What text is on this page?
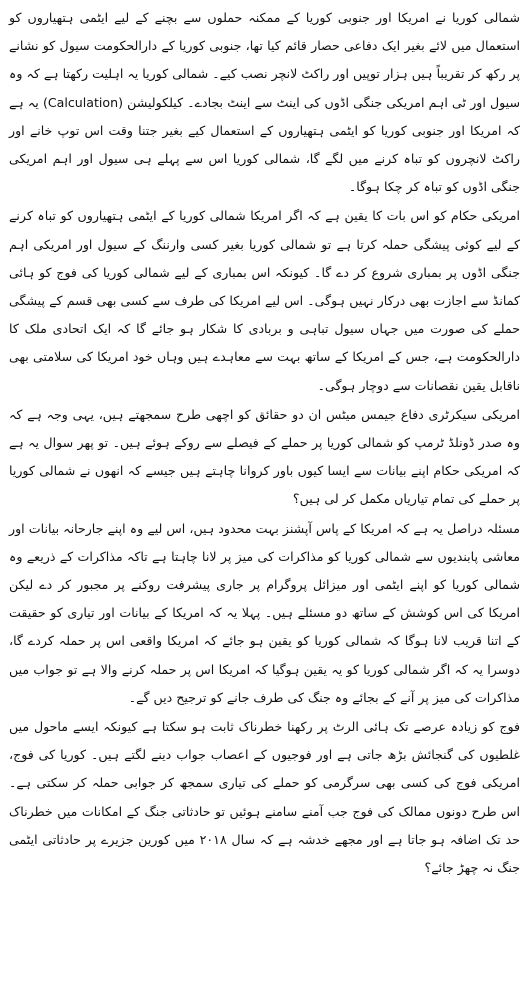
شمالی کوریا نے امریکا اور جنوبی کوریا کے ممکنہ حملوں سے بچنے کے لیے ایٹمی ہتھیاروں کو استعمال میں لائے بغیر ایک دفاعی حصار قائم کیا تھا، جنوبی کوریا کے دارالحکومت سیول کو نشانے پر رکھ کر تقریباً ہیں ہزار توپیں اور راکٹ لانچر نصب کیے۔ شمالی کوریا یہ اہلیت رکھتا ہے کہ وہ سیول اور ٹی اہم امریکی جنگی اڈوں کی اینٹ سے اینٹ بجادے۔ کیلکولیشن (Calculation) یہ ہے کہ امریکا اور جنوبی کوریا کو ایٹمی ہتھیاروں کے استعمال کیے بغیر جتنا وقت اس توپ خانے اور راکٹ لانچروں کو تباہ کرنے میں لگے گا، شمالی کوریا اس سے پہلے ہی سیول اور اہم امریکی جنگی اڈوں کو تباہ کر چکا ہوگا۔

امریکی حکام کو اس بات کا یقین ہے کہ اگر امریکا شمالی کوریا کے ایٹمی ہتھیاروں کو تباہ کرنے کے لیے کوئی پیشگی حملہ کرتا ہے تو شمالی کوریا بغیر کسی وارننگ کے سیول اور امریکی اہم جنگی اڈوں پر بمباری شروع کر دے گا۔ کیونکہ اس بمباری کے لیے شمالی کوریا کی فوج کو ہائی کمانڈ سے اجازت بھی درکار نہیں ہوگی۔ اس لیے امریکا کی طرف سے کسی بھی قسم کے پیشگی حملے کی صورت میں جہاں سیول تباہی و بربادی کا شکار ہو جائے گا کہ ایک اتحادی ملک کا دارالحکومت ہے، جس کے امریکا کے ساتھ بہت سے معاہدے ہیں وہاں خود امریکا کی سلامتی بھی ناقابل یقین نقصانات سے دوچار ہوگی۔

امریکی سیکرٹری دفاع جیمس میٹس ان دو حقائق کو اچھی طرح سمجھتے ہیں، یہی وجہ ہے کہ وہ صدر ڈونلڈ ٹرمپ کو شمالی کوریا پر حملے کے فیصلے سے روکے ہوئے ہیں۔ تو پھر سوال یہ ہے کہ امریکی حکام اپنے بیانات سے ایسا کیوں باور کروانا چاہتے ہیں جیسے کہ انھوں نے شمالی کوریا پر حملے کی تمام تیاریاں مکمل کر لی ہیں؟

مسئلہ دراصل یہ ہے کہ امریکا کے پاس آپشنز بہت محدود ہیں، اس لیے وہ اپنے جارحانہ بیانات اور معاشی پابندیوں سے شمالی کوریا کو مذاکرات کی میز پر لانا چاہتا ہے تاکہ مذاکرات کے ذریعے وہ شمالی کوریا کو اپنے ایٹمی اور میزائل پروگرام پر جاری پیشرفت روکنے پر مجبور کر دے لیکن امریکا کی اس کوشش کے ساتھ دو مسئلے ہیں۔ پہلا یہ کہ امریکا کے بیانات اور تیاری کو حقیقت کے اتنا قریب لانا ہوگا کہ شمالی کوریا کو یقین ہو جائے کہ امریکا واقعی اس پر حملہ کردے گا، دوسرا یہ کہ اگر شمالی کوریا کو یہ یقین ہوگیا کہ امریکا اس پر حملہ کرنے والا ہے تو جواب میں مذاکرات کی میز پر آنے کے بجائے وہ جنگ کی طرف جانے کو ترجیح دیں گے۔

فوج کو زیادہ عرصے تک ہائی الرٹ پر رکھنا خطرناک ثابت ہو سکتا ہے کیونکہ ایسے ماحول میں غلطیوں کی گنجائش بڑھ جاتی ہے اور فوجیوں کے اعصاب جواب دینے لگتے ہیں۔ کوریا کی فوج، امریکی فوج کی کسی بھی سرگرمی کو حملے کی تیاری سمجھ کر جوابی حملہ کر سکتی ہے۔ اس طرح دونوں ممالک کی فوج جب آمنے سامنے ہوئیں تو حادثاتی جنگ کے امکانات میں خطرناک حد تک اضافہ ہو جاتا ہے اور مجھے خدشہ ہے کہ سال ۲۰۱۸ میں کورین جزیرے پر حادثاتی ایٹمی جنگ نہ چھڑ جائے؟
